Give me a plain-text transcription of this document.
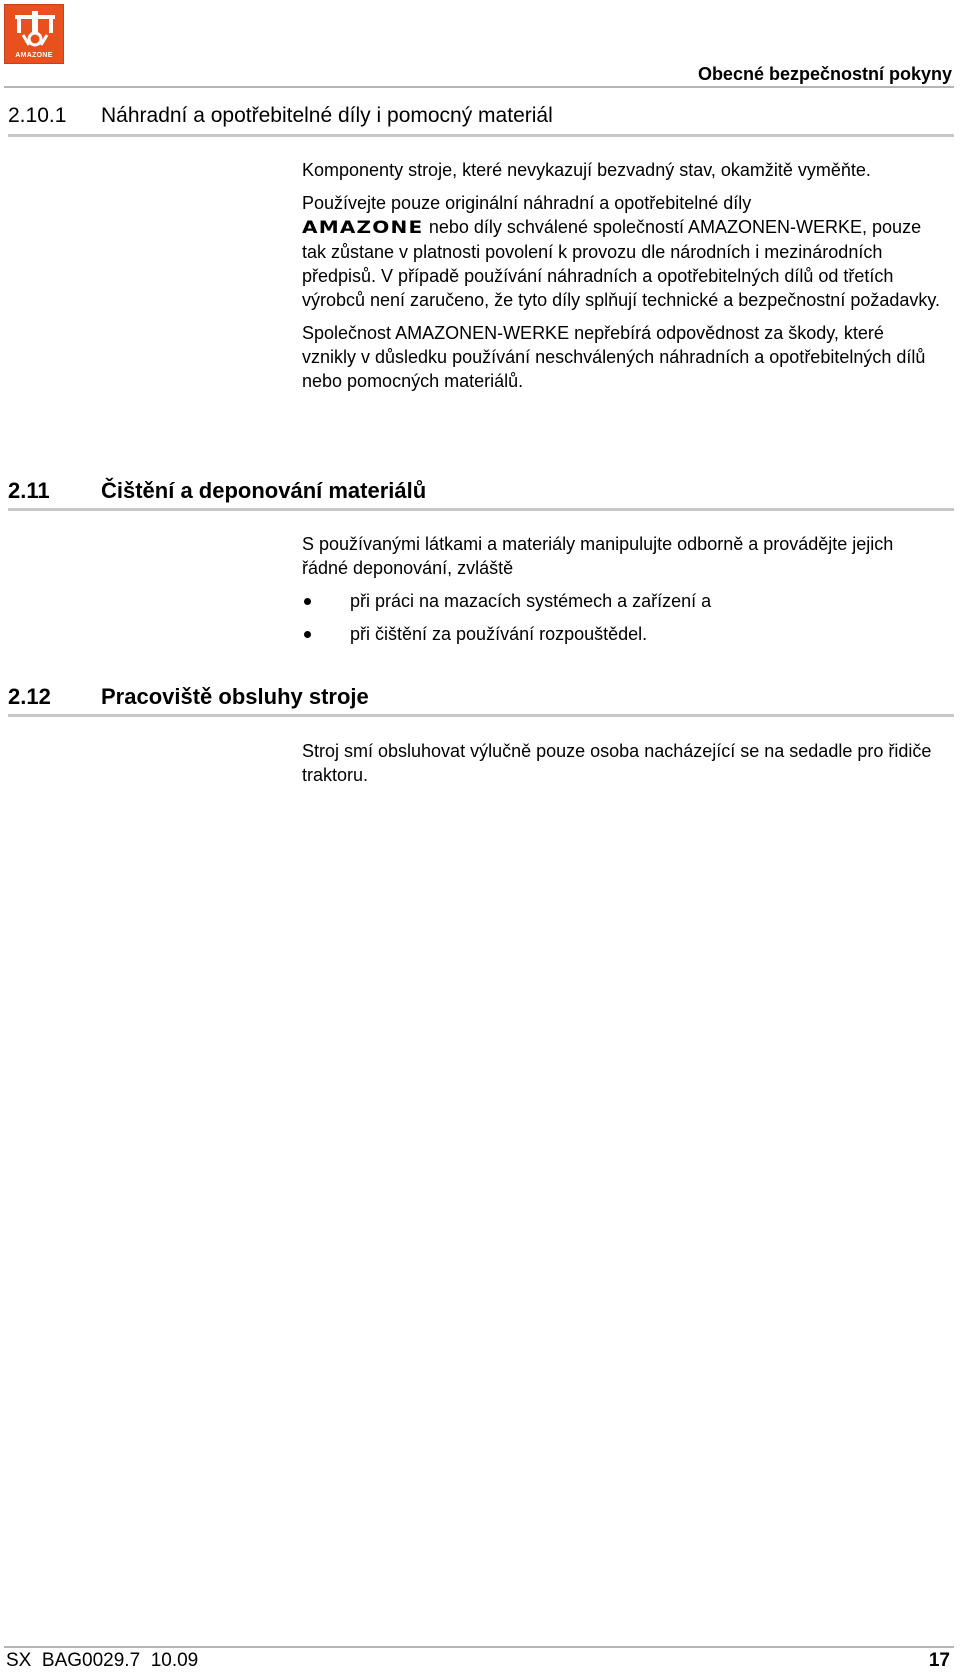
AMAZONE
Obecné bezpečnostní pokyny
2.10.1 Náhradní a opotřebitelné díly i pomocný materiál

Komponenty stroje, které nevykazují bezvadný stav, okamžitě vyměňte.

Používejte pouze originální náhradní a opotřebitelné díly
AMAZONE nebo díly schválené společností AMAZONEN-WERKE, pouze tak zůstane v platnosti povolení k provozu dle národních i mezinárodních předpisů. V případě používání náhradních a opotřebitelných dílů od třetích výrobců není zaručeno, že tyto díly splňují technické a bezpečnostní požadavky.

Společnost AMAZONEN-WERKE nepřebírá odpovědnost za škody, které vznikly v důsledku používání neschválených náhradních a opotřebitelných dílů nebo pomocných materiálů.

2.11 Čištění a deponování materiálů

S používanými látkami a materiály manipulujte odborně a provádějte jejich řádné deponování, zvláště

při práci na mazacích systémech a zařízení a
při čištění za používání rozpouštědel.
2.12 Pracoviště obsluhy stroje

Stroj smí obsluhovat výlučně pouze osoba nacházející se na sedadle pro řidiče traktoru.

SX  BAG0029.7  10.09	17
